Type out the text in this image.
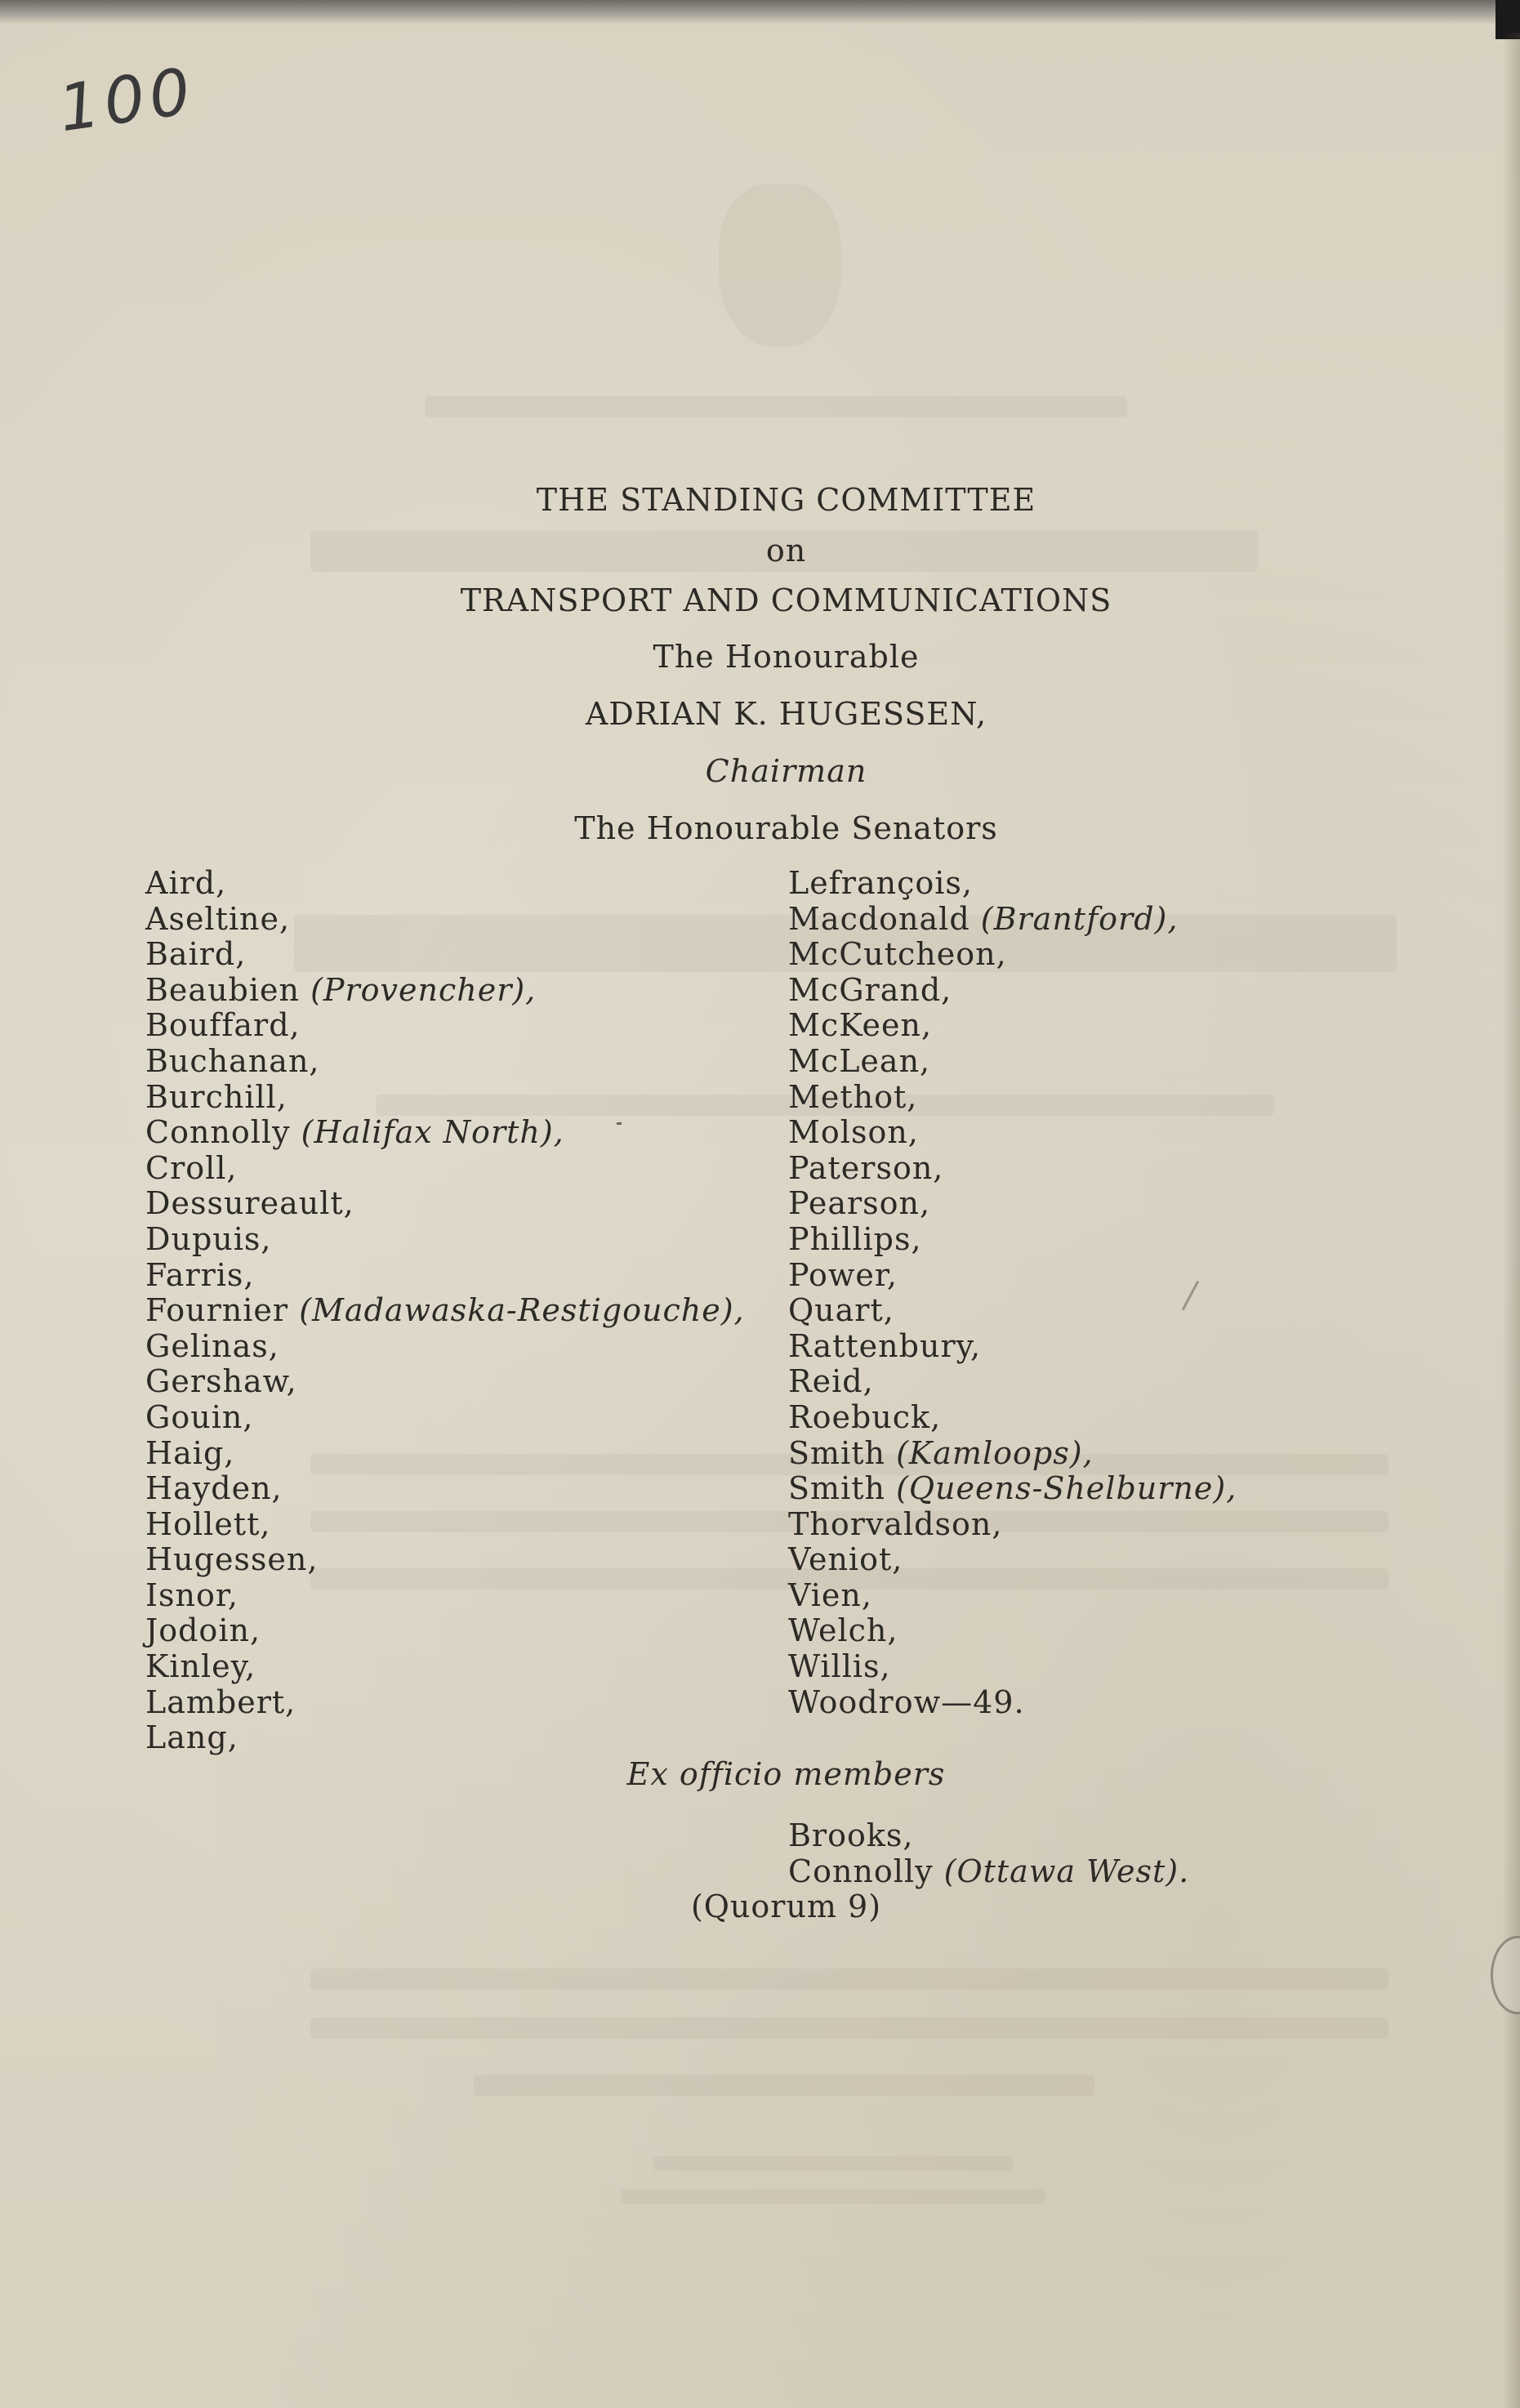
100
THE STANDING COMMITTEE
on
TRANSPORT AND COMMUNICATIONS
The Honourable
ADRIAN K. HUGESSEN,
Chairman
The Honourable Senators
Aird,
Aseltine,
Baird,
Beaubien (Provencher),
Bouffard,
Buchanan,
Burchill,
Connolly (Halifax North),
Croll,
Dessureault,
Dupuis,
Farris,
Fournier (Madawaska-Restigouche),
Gelinas,
Gershaw,
Gouin,
Haig,
Hayden,
Hollett,
Hugessen,
Isnor,
Jodoin,
Kinley,
Lambert,
Lang,
Lefrançois,
Macdonald (Brantford),
McCutcheon,
McGrand,
McKeen,
McLean,
Methot,
Molson,
Paterson,
Pearson,
Phillips,
Power,
Quart,
Rattenbury,
Reid,
Roebuck,
Smith (Kamloops),
Smith (Queens-Shelburne),
Thorvaldson,
Veniot,
Vien,
Welch,
Willis,
Woodrow—49.
Ex officio members
Brooks,
Connolly (Ottawa West).
(Quorum 9)
